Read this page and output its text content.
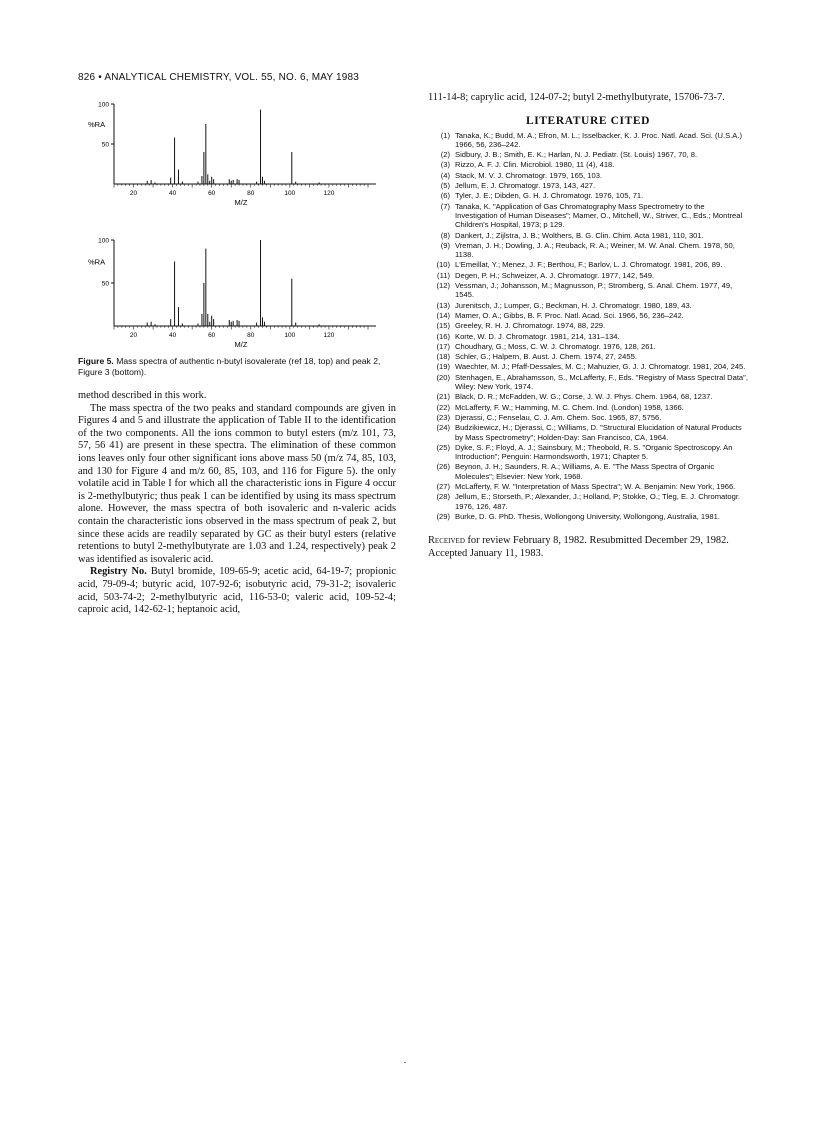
826 • ANALYTICAL CHEMISTRY, VOL. 55, NO. 6, MAY 1983
100
50
%RA
20	40	60	80	100	120
M/Z
100
50
%RA
20	40	60	80	100	120
M/Z
Figure 5. Mass spectra of authentic n-butyl isovalerate (ref 18, top) and peak 2, Figure 3 (bottom).

method described in this work.

The mass spectra of the two peaks and standard compounds are given in Figures 4 and 5 and illustrate the application of Table II to the identification of the two components. All the ions common to butyl esters (m/z 101, 73, 57, 56 41) are present in these spectra. The elimination of these common ions leaves only four other significant ions above mass 50 (m/z 74, 85, 103, and 130 for Figure 4 and m/z 60, 85, 103, and 116 for Figure 5). the only volatile acid in Table I for which all the characteristic ions in Figure 4 occur is 2-methylbutyric; thus peak 1 can be identified by using its mass spectrum alone. However, the mass spectra of both isovaleric and n-valeric acids contain the characteristic ions observed in the mass spectrum of peak 2, but since these acids are readily separated by GC as their butyl esters (relative retentions to butyl 2-methylbutyrate are 1.03 and 1.24, respectively) peak 2 was identified as isovaleric acid.

Registry No. Butyl bromide, 109-65-9; acetic acid, 64-19-7; propionic acid, 79-09-4; butyric acid, 107-92-6; isobutyric acid, 79-31-2; isovaleric acid, 503-74-2; 2-methylbutyric acid, 116-53-0; valeric acid, 109-52-4; caproic acid, 142-62-1; heptanoic acid,

111-14-8; caprylic acid, 124-07-2; butyl 2-methylbutyrate, 15706-73-7.
LITERATURE CITED
(1) Tanaka, K.; Budd, M. A.; Efron, M. L.; Isselbacker, K. J. Proc. Natl. Acad. Sci. (U.S.A.) 1966, 56, 236–242.
(2) Sidbury, J. B.; Smith, E. K.; Harlan, N. J. Pediatr. (St. Louis) 1967, 70, 8.
(3) Rizzo, A. F. J. Clin. Microbiol. 1980, 11 (4), 418.
(4) Stack, M. V. J. Chromatogr. 1979, 165, 103.
(5) Jellum, E. J. Chromatogr. 1973, 143, 427.
(6) Tyler, J. E.; Dibden, G. H. J. Chromatogr. 1976, 105, 71.
(7) Tanaka, K. "Application of Gas Chromatography Mass Spectrometry to the Investigation of Human Diseases"; Mamer, O., Mitchell, W., Striver, C., Eds.; Montreal Children's Hospital, 1973; p 129.
(8) Dankert, J.; Zijlstra, J. B.; Wolthers, B. G. Clin. Chim. Acta 1981, 110, 301.
(9) Vreman, J. H.; Dowling, J. A.; Reuback, R. A.; Weiner, M. W. Anal. Chem. 1978, 50, 1138.
(10) L'Emeillat, Y.; Menez, J. F.; Berthou, F.; Barlov, L. J. Chromatogr. 1981, 206, 89.
(11) Degen, P. H.; Schweizer, A. J. Chromatogr. 1977, 142, 549.
(12) Vessman, J.; Johansson, M.; Magnusson, P.; Stromberg, S. Anal. Chem. 1977, 49, 1545.
(13) Jurenitsch, J.; Lumper, G.; Beckman, H. J. Chromatogr. 1980, 189, 43.
(14) Mamer, O. A.; Gibbs, B. F. Proc. Natl. Acad. Sci. 1966, 56, 236–242.
(15) Greeley, R. H. J. Chromatogr. 1974, 88, 229.
(16) Korte, W. D. J. Chromatogr. 1981, 214, 131–134.
(17) Choudhary, G.; Moss, C. W. J. Chromatogr. 1976, 128, 261.
(18) Schler, G.; Halpern, B. Aust. J. Chem. 1974, 27, 2455.
(19) Waechter, M. J.; Pfaff-Dessales, M. C.; Mahuzier, G. J. J. Chromatogr. 1981, 204, 245.
(20) Stenhagen, E., Abrahamsson, S., McLafferty, F., Eds. "Registry of Mass Spectral Data", Wiley: New York, 1974.
(21) Black, D. R.; McFadden, W. G.; Corse, J. W. J. Phys. Chem. 1964, 68, 1237.
(22) McLafferty, F. W.; Hamming, M. C. Chem. Ind. (London) 1958, 1366.
(23) Djerassi, C.; Fenselau, C. J. Am. Chem. Soc. 1965, 87, 5756.
(24) Budzikiewicz, H.; Djerassi, C.; Williams, D. "Structural Elucidation of Natural Products by Mass Spectrometry"; Holden-Day: San Francisco, CA, 1964.
(25) Dyke, S. F.; Floyd, A. J.; Sainsbury, M.; Theobold, R. S. "Organic Spectroscopy. An Introduction"; Penguin: Harmondsworth, 1971; Chapter 5.
(26) Beynon, J. H.; Saunders, R. A.; Williams, A. E. "The Mass Spectra of Organic Molecules"; Elsevier: New York, 1968.
(27) McLafferty, F. W. "Interpretation of Mass Spectra"; W. A. Benjamin: New York, 1966.
(28) Jellum, E.; Storseth, P.; Alexander, J.; Holland, P; Stokke, O.; Tleg, E. J. Chromatogr. 1976, 126, 487.
(29) Burke, D. G. PhD. Thesis, Wollongong University, Wollongong, Australia, 1981.
Received for review February 8, 1982. Resubmitted December 29, 1982. Accepted January 11, 1983.
